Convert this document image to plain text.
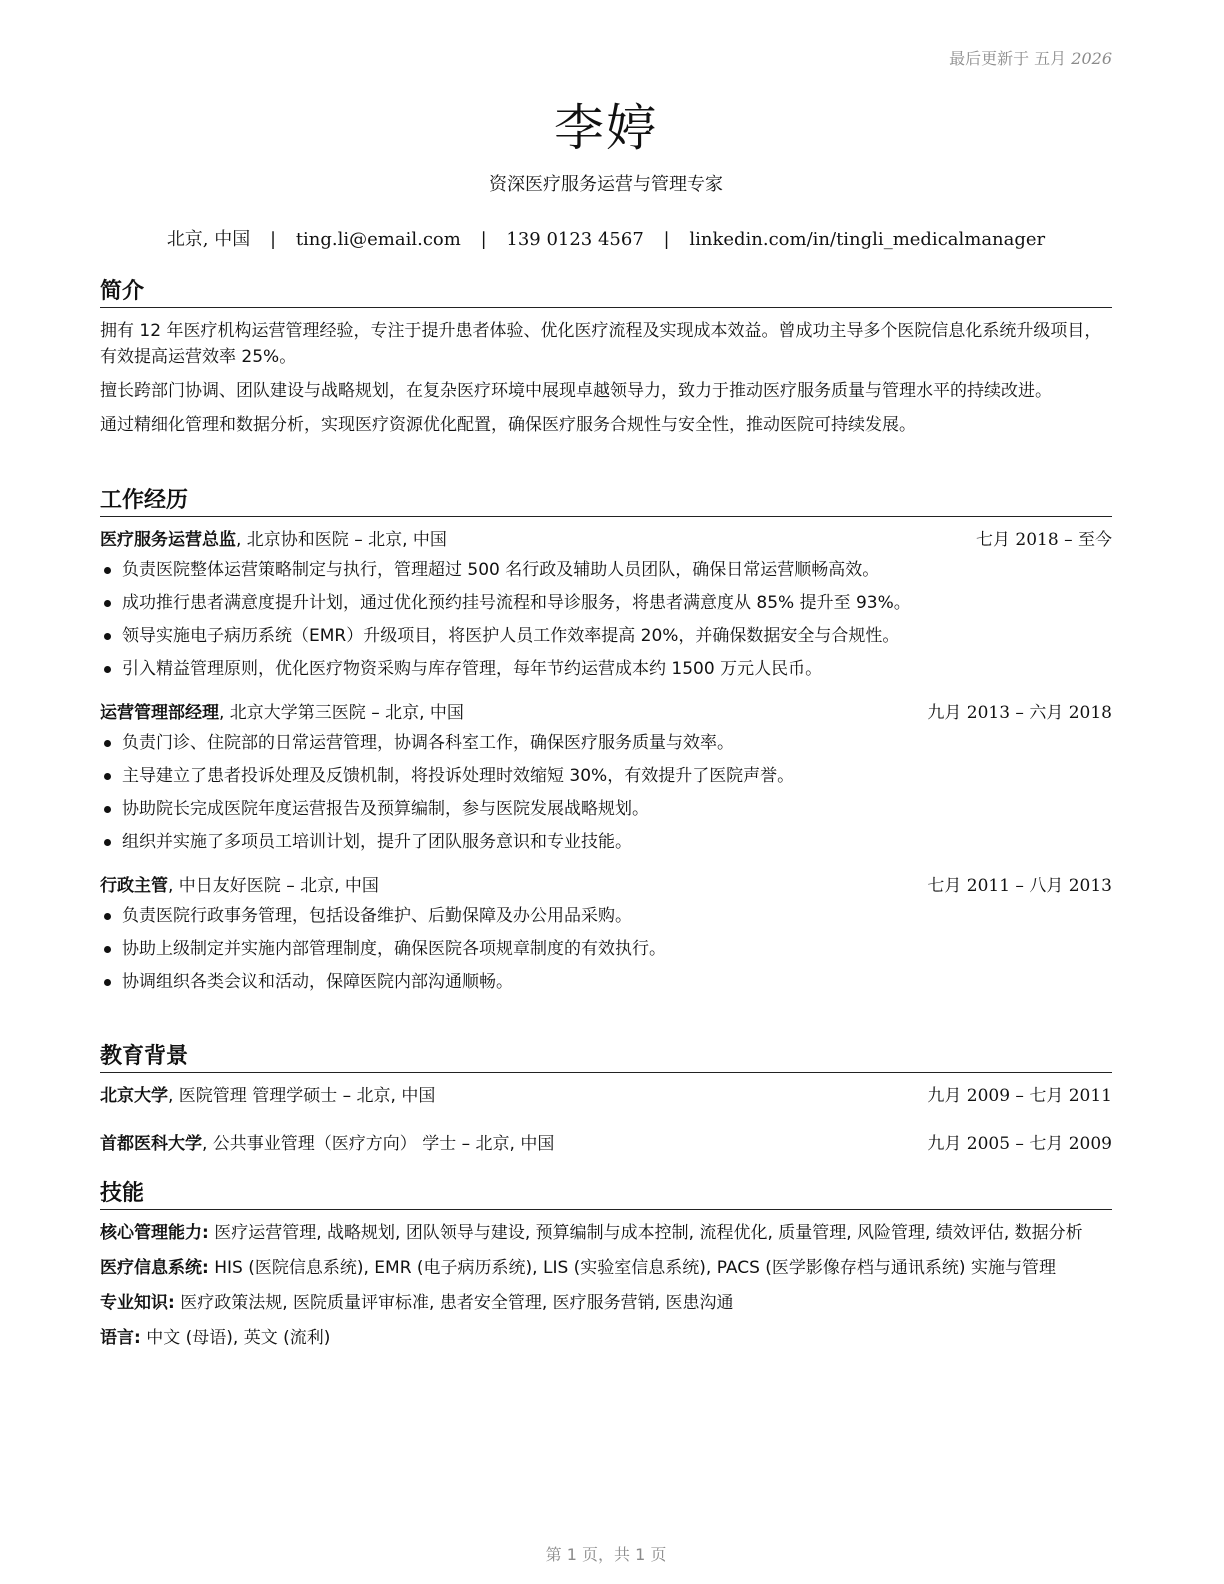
最后更新于 五月 2026
李婷
资深医疗服务运营与管理专家
北京, 中国 | ting.li@email.com | 139 0123 4567 | linkedin.com/in/tingli_medicalmanager
简介

拥有 12 年医疗机构运营管理经验，专注于提升患者体验、优化医疗流程及实现成本效益。曾成功主导多个医院信息化系统升级项目，有效提高运营效率 25%。

擅长跨部门协调、团队建设与战略规划，在复杂医疗环境中展现卓越领导力，致力于推动医疗服务质量与管理水平的持续改进。

通过精细化管理和数据分析，实现医疗资源优化配置，确保医疗服务合规性与安全性，推动医院可持续发展。

工作经历
医疗服务运营总监, 北京协和医院 – 北京, 中国	七月 2018 – 至今
负责医院整体运营策略制定与执行，管理超过 500 名行政及辅助人员团队，确保日常运营顺畅高效。
成功推行患者满意度提升计划，通过优化预约挂号流程和导诊服务，将患者满意度从 85% 提升至 93%。
领导实施电子病历系统（EMR）升级项目，将医护人员工作效率提高 20%，并确保数据安全与合规性。
引入精益管理原则，优化医疗物资采购与库存管理，每年节约运营成本约 1500 万元人民币。
运营管理部经理, 北京大学第三医院 – 北京, 中国	九月 2013 – 六月 2018
负责门诊、住院部的日常运营管理，协调各科室工作，确保医疗服务质量与效率。
主导建立了患者投诉处理及反馈机制，将投诉处理时效缩短 30%，有效提升了医院声誉。
协助院长完成医院年度运营报告及预算编制，参与医院发展战略规划。
组织并实施了多项员工培训计划，提升了团队服务意识和专业技能。
行政主管, 中日友好医院 – 北京, 中国	七月 2011 – 八月 2013
负责医院行政事务管理，包括设备维护、后勤保障及办公用品采购。
协助上级制定并实施内部管理制度，确保医院各项规章制度的有效执行。
协调组织各类会议和活动，保障医院内部沟通顺畅。
教育背景
北京大学, 医院管理 管理学硕士 – 北京, 中国	九月 2009 – 七月 2011
首都医科大学, 公共事业管理（医疗方向） 学士 – 北京, 中国	九月 2005 – 七月 2009
技能

核心管理能力: 医疗运营管理, 战略规划, 团队领导与建设, 预算编制与成本控制, 流程优化, 质量管理, 风险管理, 绩效评估, 数据分析

医疗信息系统: HIS (医院信息系统), EMR (电子病历系统), LIS (实验室信息系统), PACS (医学影像存档与通讯系统) 实施与管理

专业知识: 医疗政策法规, 医院质量评审标准, 患者安全管理, 医疗服务营销, 医患沟通

语言: 中文 (母语), 英文 (流利)

第 1 页，共 1 页
